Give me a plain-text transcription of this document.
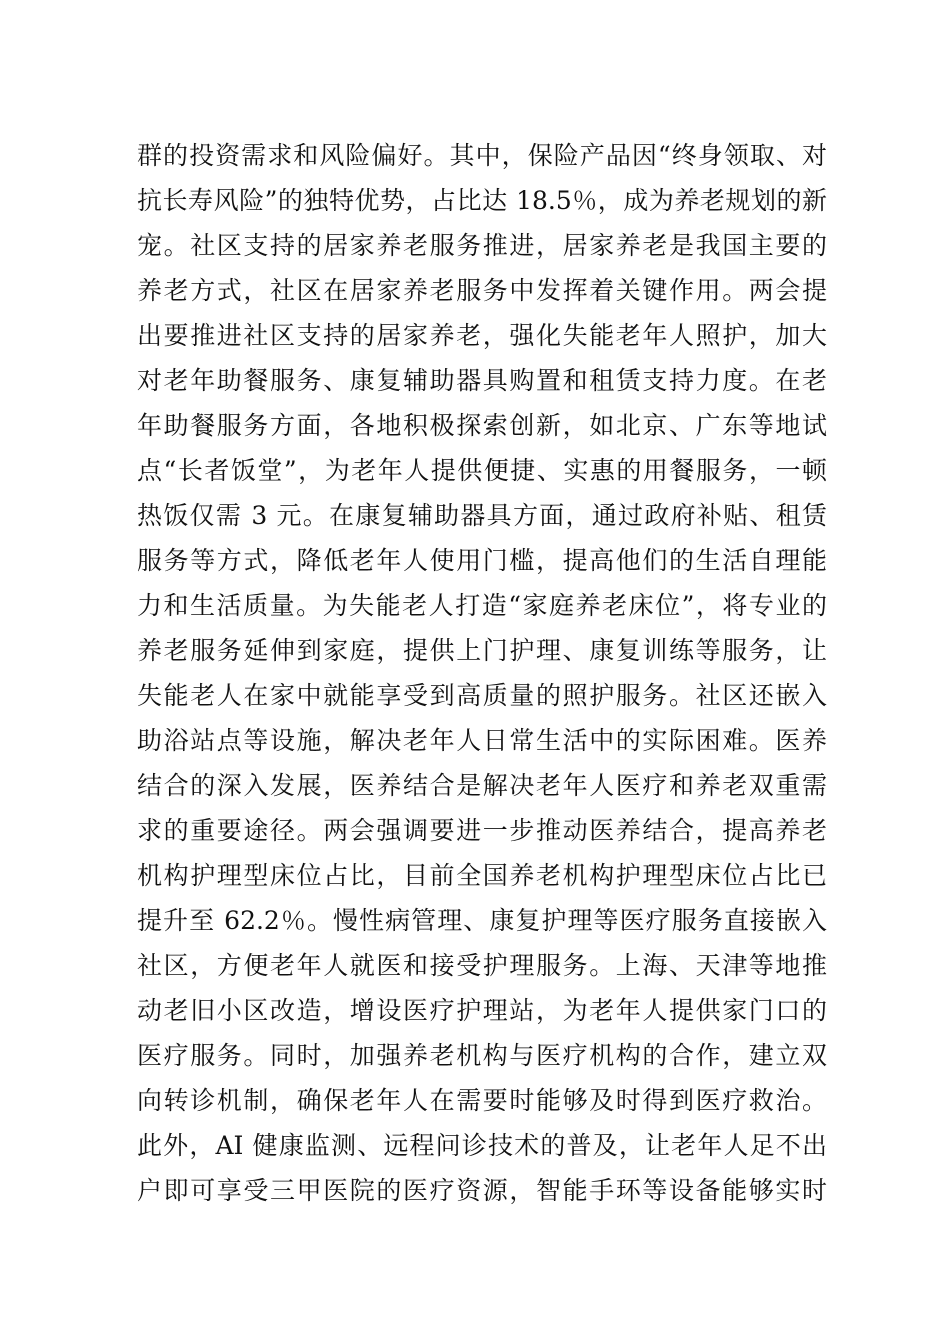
群的投资需求和风险偏好。其中，保险产品因“终身领取、对
抗长寿风险”的独特优势，占比达 18.5％，成为养老规划的新
宠。社区支持的居家养老服务推进，居家养老是我国主要的
养老方式，社区在居家养老服务中发挥着关键作用。两会提
出要推进社区支持的居家养老，强化失能老年人照护，加大
对老年助餐服务、康复辅助器具购置和租赁支持力度。在老
年助餐服务方面，各地积极探索创新，如北京、广东等地试
点“长者饭堂”，为老年人提供便捷、实惠的用餐服务，一顿
热饭仅需 3 元。在康复辅助器具方面，通过政府补贴、租赁
服务等方式，降低老年人使用门槛，提高他们的生活自理能
力和生活质量。为失能老人打造“家庭养老床位”，将专业的
养老服务延伸到家庭，提供上门护理、康复训练等服务，让
失能老人在家中就能享受到高质量的照护服务。社区还嵌入
助浴站点等设施，解决老年人日常生活中的实际困难。医养
结合的深入发展，医养结合是解决老年人医疗和养老双重需
求的重要途径。两会强调要进一步推动医养结合，提高养老
机构护理型床位占比，目前全国养老机构护理型床位占比已
提升至 62.2％。慢性病管理、康复护理等医疗服务直接嵌入
社区，方便老年人就医和接受护理服务。上海、天津等地推
动老旧小区改造，增设医疗护理站，为老年人提供家门口的
医疗服务。同时，加强养老机构与医疗机构的合作，建立双
向转诊机制，确保老年人在需要时能够及时得到医疗救治。
此外，AI 健康监测、远程问诊技术的普及，让老年人足不出
户即可享受三甲医院的医疗资源，智能手环等设备能够实时
